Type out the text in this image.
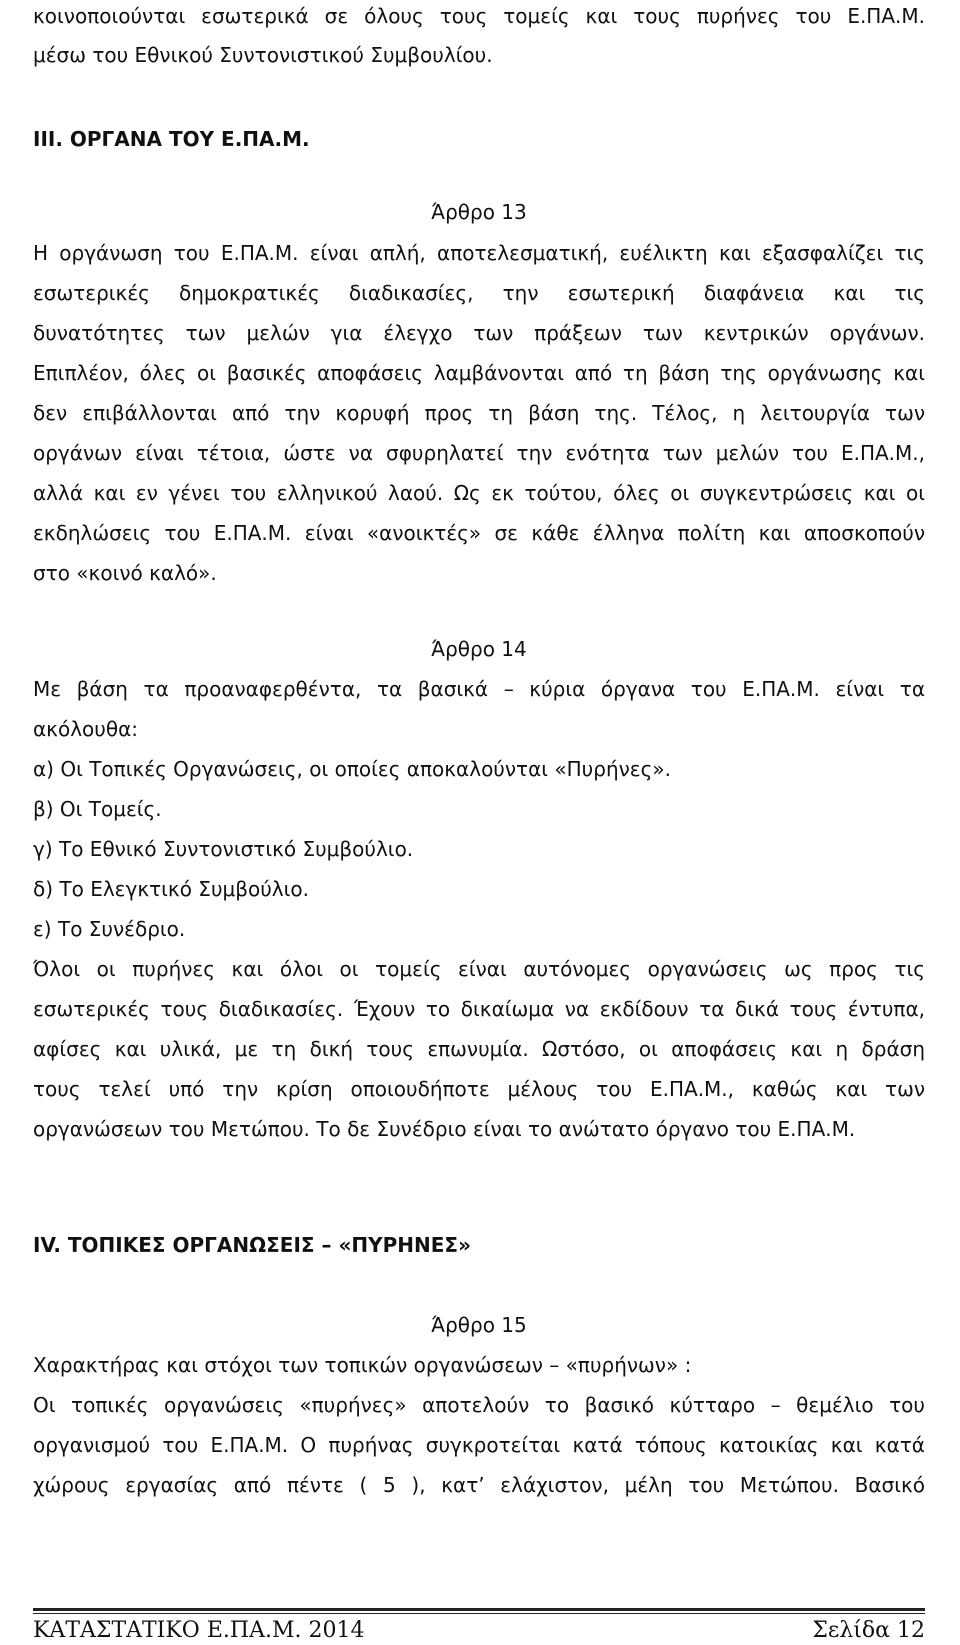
κοινοποιούνται εσωτερικά σε όλους τους τομείς και τους πυρήνες του Ε.ΠΑ.Μ.
μέσω του Εθνικού Συντονιστικού Συμβουλίου.
ΙΙΙ. ΟΡΓΑΝΑ ΤΟΥ Ε.ΠΑ.Μ.
Άρθρο 13
Η οργάνωση του Ε.ΠΑ.Μ. είναι απλή, αποτελεσματική, ευέλικτη και εξασφαλίζει τις
εσωτερικές δημοκρατικές διαδικασίες, την εσωτερική διαφάνεια και τις
δυνατότητες των μελών για έλεγχο των πράξεων των κεντρικών οργάνων.
Επιπλέον, όλες οι βασικές αποφάσεις λαμβάνονται από τη βάση της οργάνωσης και
δεν επιβάλλονται από την κορυφή προς τη βάση της. Τέλος, η λειτουργία των
οργάνων είναι τέτοια, ώστε να σφυρηλατεί την ενότητα των μελών του Ε.ΠΑ.Μ.,
αλλά και εν γένει του ελληνικού λαού. Ως εκ τούτου, όλες οι συγκεντρώσεις και οι
εκδηλώσεις του Ε.ΠΑ.Μ. είναι «ανοικτές» σε κάθε έλληνα πολίτη και αποσκοπούν
στο «κοινό καλό».
Άρθρο 14
Με βάση τα προαναφερθέντα, τα βασικά – κύρια όργανα του Ε.ΠΑ.Μ. είναι τα
ακόλουθα:
α) Οι Τοπικές Οργανώσεις, οι οποίες αποκαλούνται «Πυρήνες».
β) Οι Τομείς.
γ) Το Εθνικό Συντονιστικό Συμβούλιο.
δ) Το Ελεγκτικό Συμβούλιο.
ε) Το Συνέδριο.
Όλοι οι πυρήνες και όλοι οι τομείς είναι αυτόνομες οργανώσεις ως προς τις
εσωτερικές τους διαδικασίες. Έχουν το δικαίωμα να εκδίδουν τα δικά τους έντυπα,
αφίσες και υλικά, με τη δική τους επωνυμία. Ωστόσο, οι αποφάσεις και η δράση
τους τελεί υπό την κρίση οποιουδήποτε μέλους του Ε.ΠΑ.Μ., καθώς και των
οργανώσεων του Μετώπου. Το δε Συνέδριο είναι το ανώτατο όργανο του Ε.ΠΑ.Μ.
IV. ΤΟΠΙΚΕΣ ΟΡΓΑΝΩΣΕΙΣ – «ΠΥΡΗΝΕΣ»
Άρθρο 15
Χαρακτήρας και στόχοι των τοπικών οργανώσεων – «πυρήνων» :
Οι τοπικές οργανώσεις «πυρήνες» αποτελούν το βασικό κύτταρο – θεμέλιο του
οργανισμού του Ε.ΠΑ.Μ. Ο πυρήνας συγκροτείται κατά τόπους κατοικίας και κατά
χώρους εργασίας από πέντε ( 5 ), κατ’ ελάχιστον, μέλη του Μετώπου. Βασικό
ΚΑΤΑΣΤΑΤΙΚΟ Ε.ΠΑ.Μ. 2014	Σελίδα 12
